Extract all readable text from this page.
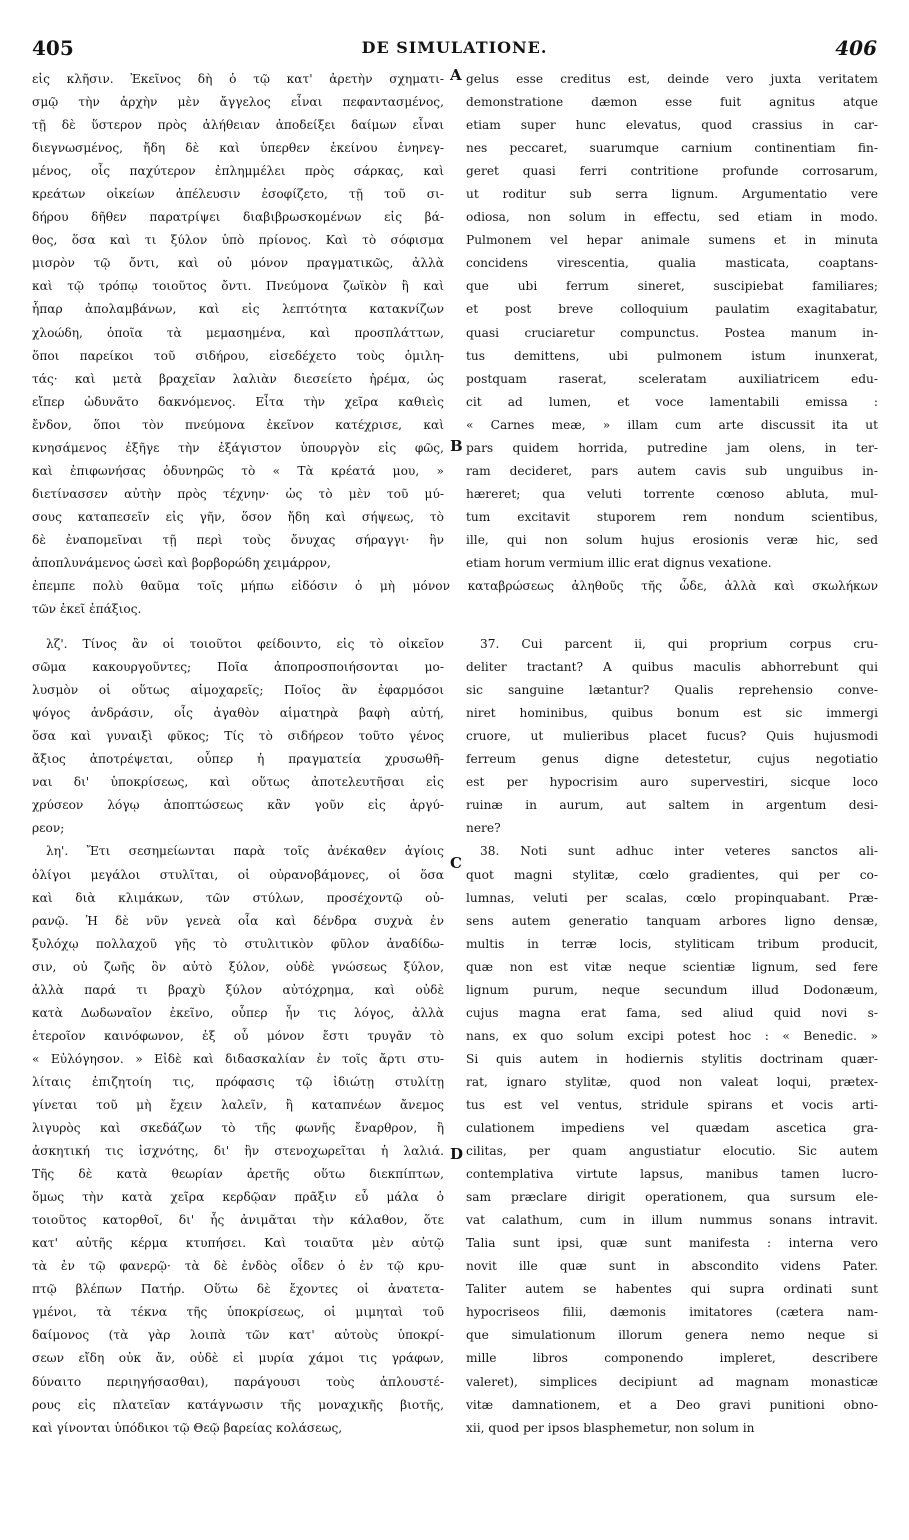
405	DE SIMULATIONE.	406
εἰς κλῆσιν. Ἐκεῖνος δὴ ὁ τῷ κατ' ἀρετὴν σχηματι-
σμῷ τὴν ἀρχὴν μὲν ἄγγελος εἶναι πεφαντασμένος,
τῇ δὲ ὕστερον πρὸς ἀλήθειαν ἀποδείξει δαίμων εἶναι
διεγνωσμένος, ἤδη δὲ καὶ ὑπερθεν ἐκείνου ἐνηνεγ-
μένος, οἷς παχύτερον ἐπλημμέλει πρὸς σάρκας, καὶ
κρεάτων οἰκείων ἀπέλευσιν ἐσοφίζετο, τῇ τοῦ σι-
δήρου δῆθεν παρατρίψει διαβιβρωσκομένων εἰς βά-
θος, ὅσα καὶ τι ξύλον ὑπὸ πρίονος. Καὶ τὸ σόφισμα
μισρὸν τῷ ὄντι, καὶ οὐ μόνον πραγματικῶς, ἀλλὰ
καὶ τῷ τρόπῳ τοιοῦτος ὄντι. Πνεύμονα ζωϊκὸν ἢ καὶ
ἧπαρ ἀπολαμβάνων, καὶ εἰς λεπτότητα κατακνίζων
χλοώδη, ὁποῖα τὰ μεμασημένα, καὶ προσπλάττων,
ὅποι παρείκοι τοῦ σιδήρου, εἰσεδέχετο τοὺς ὁμιλη-
τάς· καὶ μετὰ βραχεῖαν λαλιὰν διεσείετο ἠρέμα, ὡς
εἴπερ ὠδυνᾶτο δακνόμενος. Εἶτα τὴν χεῖρα καθιεὶς
ἔνδον, ὅποι τὸν πνεύμονα ἐκεῖνον κατέχρισε, καὶ
κνησάμενος ἐξῆγε τὴν ἐξάγιστον ὑπουργὸν εἰς φῶς,
καὶ ἐπιφωνήσας ὀδυνηρῶς τὸ « Τὰ κρέατά μου, »
διετίνασσεν αὐτὴν πρὸς τέχνην· ὡς τὸ μὲν τοῦ μύ-
σους καταπεσεῖν εἰς γῆν, ὅσον ἤδη καὶ σήψεως, τὸ
δὲ ἐναπομεῖναι τῇ περὶ τοὺς ὄνυχας σήραγγι· ἣν
ἀποπλυνάμενος ὡσεὶ καὶ βορβορώδη χειμάρρον,
λζ'. Τίνος ἂν οἱ τοιοῦτοι φείδοιντο, εἰς τὸ οἰκεῖον
σῶμα κακουργοῦντες; Ποῖα ἀποπροσποιήσονται μο-
λυσμὸν οἱ οὕτως αἱμοχαρεῖς; Ποῖος ἂν ἐφαρμόσοι
ψόγος ἀνδράσιν, οἷς ἀγαθὸν αἱματηρὰ βαφὴ αὐτή,
ὅσα καὶ γυναιξὶ φῦκος; Τίς τὸ σιδήρεον τοῦτο γένος
ἄξιος ἀποτρέψεται, οὗπερ ἡ πραγματεία χρυσωθῆ-
ναι δι' ὑποκρίσεως, καὶ οὕτως ἀποτελευτῆσαι εἰς
χρύσεον λόγῳ ἀποπτώσεως κἂν γοῦν εἰς ἀργύ-
ρεον;
λη'. Ἔτι σεσημείωνται παρὰ τοῖς ἀνέκαθεν ἁγίοις
ὀλίγοι μεγάλοι στυλῖται, οἱ οὐρανοβάμονες, οἱ ὅσα
καὶ διὰ κλιμάκων, τῶν στύλων, προσέχοντῷ οὐ-
ρανῷ. Ἡ δὲ νῦν γενεὰ οἷα καὶ δένδρα συχνὰ ἐν
ξυλόχῳ πολλαχοῦ γῆς τὸ στυλιτικὸν φῦλον ἀναδίδω-
σιν, οὐ ζωῆς ὃν αὐτὸ ξύλον, οὐδὲ γνώσεως ξύλον,
ἀλλὰ παρά τι βραχὺ ξύλον αὐτόχρημα, καὶ οὐδὲ
κατὰ Δωδωναῖον ἐκεῖνο, οὗπερ ἦν τις λόγος, ἀλλὰ
ἑτεροῖον καινόφωνον, ἐξ οὗ μόνον ἔστι τρυγᾶν τὸ
« Εὐλόγησον. » Εἰδὲ καὶ διδασκαλίαν ἐν τοῖς ἄρτι στυ-
λίταις ἐπιζητοίη τις, πρόφασις τῷ ἰδιώτῃ στυλίτῃ
γίνεται τοῦ μὴ ἔχειν λαλεῖν, ἢ καταπνέων ἄνεμος
λιγυρὸς καὶ σκεδάζων τὸ τῆς φωνῆς ἔναρθρον, ἢ
ἀσκητική τις ἰσχνότης, δι' ἣν στενοχωρεῖται ἡ λαλιά.
Τῆς δὲ κατὰ θεωρίαν ἀρετῆς οὕτω διεκπίπτων,
ὅμως τὴν κατὰ χεῖρα κερδῷαν πρᾶξιν εὖ μάλα ὁ
τοιοῦτος κατορθοῖ, δι' ἧς ἀνιμᾶται τὴν κάλαθον, ὅτε
κατ' αὐτῆς κέρμα κτυπήσει. Καὶ τοιαῦτα μὲν αὐτῷ
τὰ ἐν τῷ φανερῷ· τὰ δὲ ἐνδὸς οἶδεν ὁ ἐν τῷ κρυ-
πτῷ βλέπων Πατήρ. Οὕτω δὲ ἔχοντες οἱ ἀνατετα-
γμένοι, τὰ τέκνα τῆς ὑποκρίσεως, οἱ μιμηταὶ τοῦ
δαίμονος (τὰ γὰρ λοιπὰ τῶν κατ' αὐτοὺς ὑποκρί-
σεων εἴδη οὐκ ἄν, οὐδὲ εἰ μυρία χάμοι τις γράφων,
δύναιτο περιηγήσασθαι), παράγουσι τοὺς ἁπλουστέ-
ρους εἰς πλατεῖαν κατάγνωσιν τῆς μοναχικῆς βιοτῆς,
καὶ γίνονται ὑπόδικοι τῷ Θεῷ βαρείας κολάσεως,
gelus esse creditus est, deinde vero juxta veritatem
demonstratione dæmon esse fuit agnitus atque
etiam super hunc elevatus, quod crassius in car-
nes peccaret, suarumque carnium continentiam fin-
geret quasi ferri contritione profunde corrosarum,
ut roditur sub serra lignum. Argumentatio vere
odiosa, non solum in effectu, sed etiam in modo.
Pulmonem vel hepar animale sumens et in minuta
concidens virescentia, qualia masticata, coaptans-
que ubi ferrum sineret, suscipiebat familiares;
et post breve colloquium paulatim exagitabatur,
quasi cruciaretur compunctus. Postea manum in-
tus demittens, ubi pulmonem istum inunxerat,
postquam raserat, sceleratam auxiliatricem edu-
cit ad lumen, et voce lamentabili emissa :
« Carnes meæ, » illam cum arte discussit ita ut
pars quidem horrida, putredine jam olens, in ter-
ram decideret, pars autem cavis sub unguibus in-
hæreret; qua veluti torrente cœnoso abluta, mul-
tum excitavit stuporem rem nondum scientibus,
ille, qui non solum hujus erosionis veræ hic, sed
etiam horum vermium illic erat dignus vexatione.
37. Cui parcent ii, qui proprium corpus cru-
deliter tractant? A quibus maculis abhorrebunt qui
sic sanguine lætantur? Qualis reprehensio conve-
niret hominibus, quibus bonum est sic immergi
cruore, ut mulieribus placet fucus? Quis hujusmodi
ferreum genus digne detestetur, cujus negotiatio
est per hypocrisim auro supervestiri, sicque loco
ruinæ in aurum, aut saltem in argentum desi-
nere?
38. Noti sunt adhuc inter veteres sanctos ali-
quot magni stylitæ, cœlo gradientes, qui per co-
lumnas, veluti per scalas, cœlo propinquabant. Præ-
sens autem generatio tanquam arbores ligno densæ,
multis in terræ locis, styliticam tribum producit,
quæ non est vitæ neque scientiæ lignum, sed fere
lignum purum, neque secundum illud Dodonæum,
cujus magna erat fama, sed aliud quid novi s-
nans, ex quo solum excipi potest hoc : « Benedic. »
Si quis autem in hodiernis stylitis doctrinam quær-
rat, ignaro stylitæ, quod non valeat loqui, prætex-
tus est vel ventus, stridule spirans et vocis arti-
culationem impediens vel quædam ascetica gra-
cilitas, per quam angustiatur elocutio. Sic autem
contemplativa virtute lapsus, manibus tamen lucro-
sam præclare dirigit operationem, qua sursum ele-
vat calathum, cum in illum nummus sonans intravit.
Talia sunt ipsi, quæ sunt manifesta : interna vero
novit ille quæ sunt in abscondito videns Pater.
Taliter autem se habentes qui supra ordinati sunt
hypocriseos filii, dæmonis imitatores (cætera nam-
que simulationum illorum genera nemo neque si
mille libros componendo impleret, describere
valeret), simplices decipiunt ad magnam monasticæ
vitæ damnationem, et a Deo gravi punitioni obno-
xii, quod per ipsos blasphemetur, non solum in
ἐπεμπε πολὺ θαῦμα τοῖς μήπω εἰδόσιν ὁ μὴ μόνον καταβρώσεως ἀληθοῦς τῆς ὧδε, ἀλλὰ καὶ σκωλήκων
τῶν ἐκεῖ ἐπάξιος.
A
B
C
D
